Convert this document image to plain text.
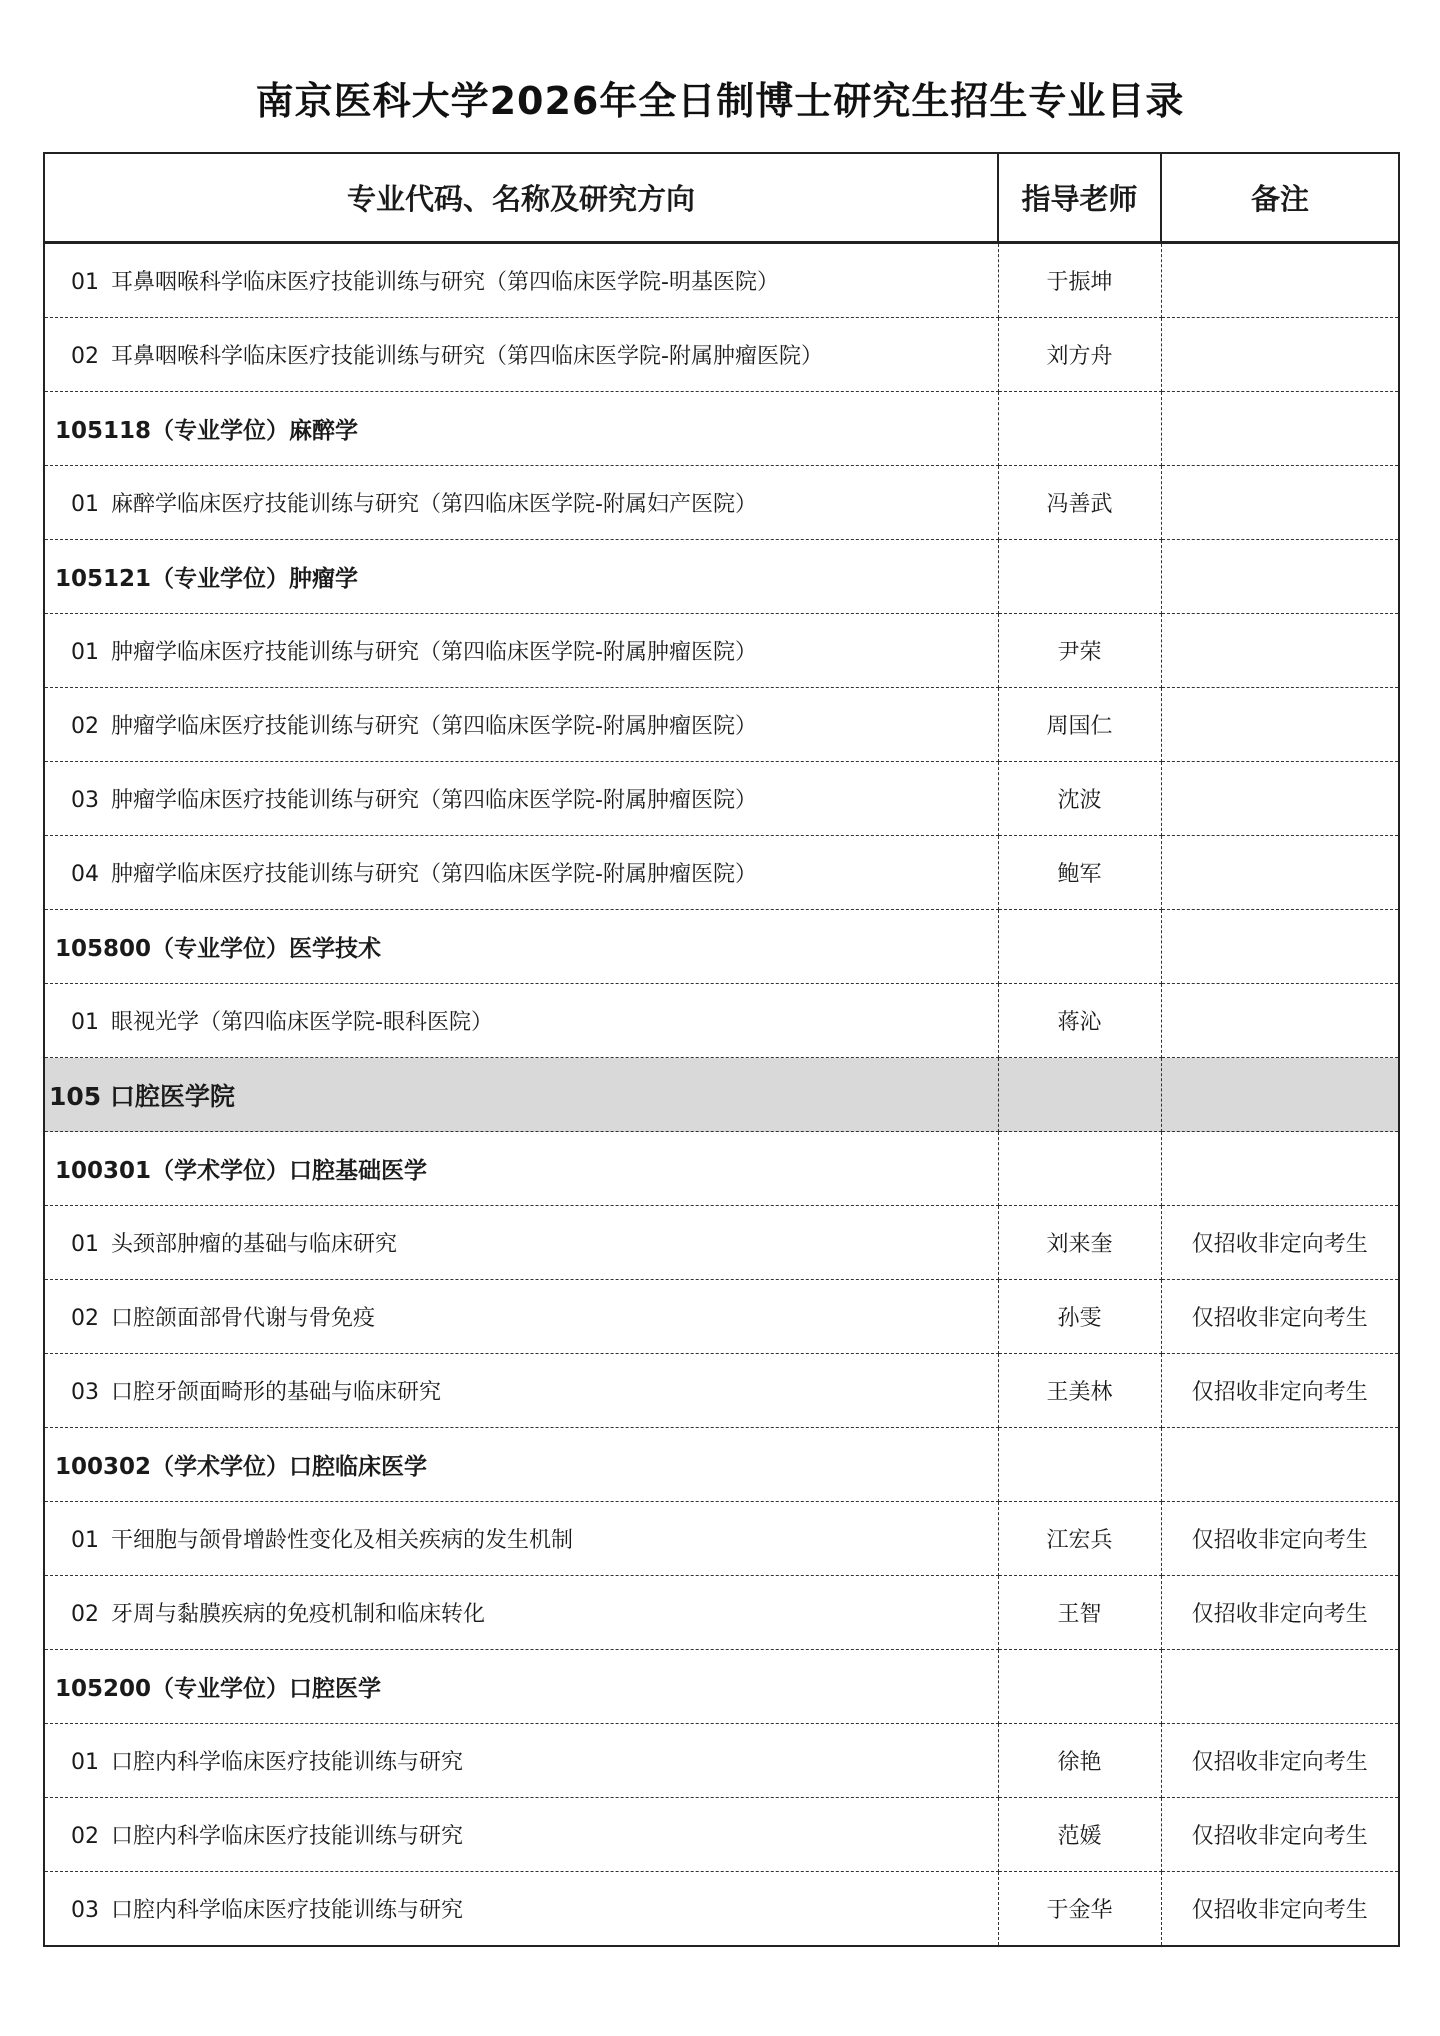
南京医科大学2026年全日制博士研究生招生专业目录
专业代码、名称及研究方向	指导老师	备注
01 耳鼻咽喉科学临床医疗技能训练与研究（第四临床医学院-明基医院）	于振坤	
02 耳鼻咽喉科学临床医疗技能训练与研究（第四临床医学院-附属肿瘤医院）	刘方舟	
105118（专业学位）麻醉学		
01 麻醉学临床医疗技能训练与研究（第四临床医学院-附属妇产医院）	冯善武	
105121（专业学位）肿瘤学		
01 肿瘤学临床医疗技能训练与研究（第四临床医学院-附属肿瘤医院）	尹荣	
02 肿瘤学临床医疗技能训练与研究（第四临床医学院-附属肿瘤医院）	周国仁	
03 肿瘤学临床医疗技能训练与研究（第四临床医学院-附属肿瘤医院）	沈波	
04 肿瘤学临床医疗技能训练与研究（第四临床医学院-附属肿瘤医院）	鲍军	
105800（专业学位）医学技术		
01 眼视光学（第四临床医学院-眼科医院）	蒋沁	
105 口腔医学院		
100301（学术学位）口腔基础医学		
01 头颈部肿瘤的基础与临床研究	刘来奎	仅招收非定向考生
02 口腔颌面部骨代谢与骨免疫	孙雯	仅招收非定向考生
03 口腔牙颌面畸形的基础与临床研究	王美林	仅招收非定向考生
100302（学术学位）口腔临床医学		
01 干细胞与颌骨增龄性变化及相关疾病的发生机制	江宏兵	仅招收非定向考生
02 牙周与黏膜疾病的免疫机制和临床转化	王智	仅招收非定向考生
105200（专业学位）口腔医学		
01 口腔内科学临床医疗技能训练与研究	徐艳	仅招收非定向考生
02 口腔内科学临床医疗技能训练与研究	范媛	仅招收非定向考生
03 口腔内科学临床医疗技能训练与研究	于金华	仅招收非定向考生
